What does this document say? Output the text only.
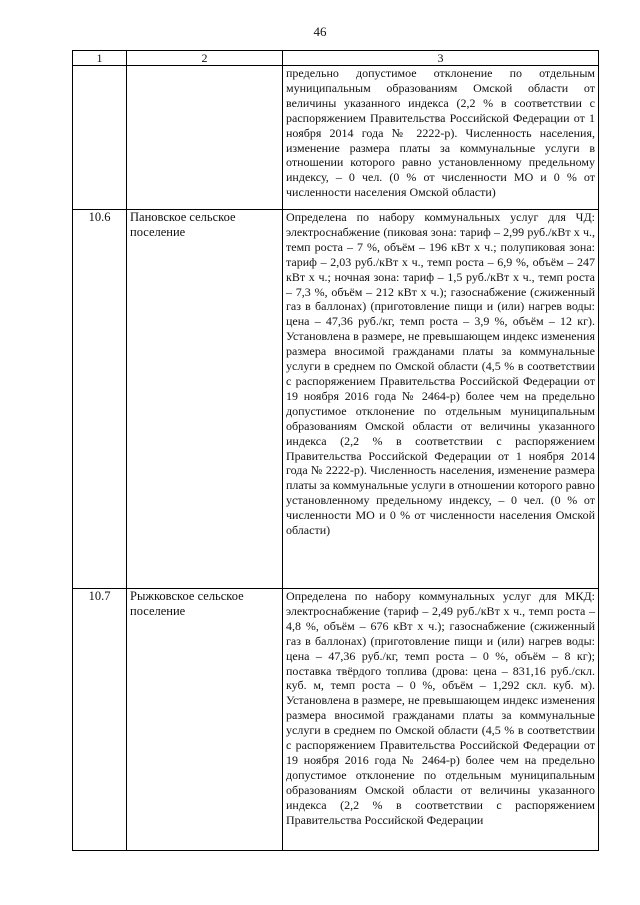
46
1	2	3

		предельно допустимое отклонение по отдельным муниципальным образованиям Омской области от величины указанного индекса (2,2 % в соответствии с распоряжением Правительства Российской Федерации от 1 ноября 2014 года № 2222-р). Численность населения, изменение размера платы за коммунальные услуги в отношении которого равно установленному предельному индексу, – 0 чел. (0 % от численности МО и 0 % от численности населения Омской области)

10.6	Пановское сельское поселение	Определена по набору коммунальных услуг для ЧД: электроснабжение (пиковая зона: тариф – 2,99 руб./кВт х ч., темп роста – 7 %, объём – 196 кВт х ч.; полупиковая зона: тариф – 2,03 руб./кВт х ч., темп роста – 6,9 %, объём – 247 кВт х ч.; ночная зона: тариф – 1,5 руб./кВт х ч., темп роста – 7,3 %, объём – 212 кВт х ч.); газоснабжение (сжиженный газ в баллонах) (приготовление пищи и (или) нагрев воды: цена – 47,36 руб./кг, темп роста – 3,9 %, объём – 12 кг). Установлена в размере, не превышающем индекс изменения размера вносимой гражданами платы за коммунальные услуги в среднем по Омской области (4,5 % в соответствии с распоряжением Правительства Российской Федерации от 19 ноября 2016 года № 2464-р) более чем на предельно допустимое отклонение по отдельным муниципальным образованиям Омской области от величины указанного индекса (2,2 % в соответствии с распоряжением Правительства Российской Федерации от 1 ноября 2014 года № 2222-р). Численность населения, изменение размера платы за коммунальные услуги в отношении которого равно установленному предельному индексу, – 0 чел. (0 % от численности МО и 0 % от численности населения Омской области)

10.7	Рыжковское сельское поселение	Определена по набору коммунальных услуг для МКД: электроснабжение (тариф – 2,49 руб./кВт х ч., темп роста – 4,8 %, объём – 676 кВт х ч.); газоснабжение (сжиженный газ в баллонах) (приготовление пищи и (или) нагрев воды: цена – 47,36 руб./кг, темп роста – 0 %, объём – 8 кг); поставка твёрдого топлива (дрова: цена – 831,16 руб./скл. куб. м, темп роста – 0 %, объём – 1,292 скл. куб. м). Установлена в размере, не превышающем индекс изменения размера вносимой гражданами платы за коммунальные услуги в среднем по Омской области (4,5 % в соответствии с распоряжением Правительства Российской Федерации от 19 ноября 2016 года № 2464-р) более чем на предельно допустимое отклонение по отдельным муниципальным образованиям Омской области от величины указанного индекса (2,2 % в соответствии с распоряжением Правительства Российской Федерации
